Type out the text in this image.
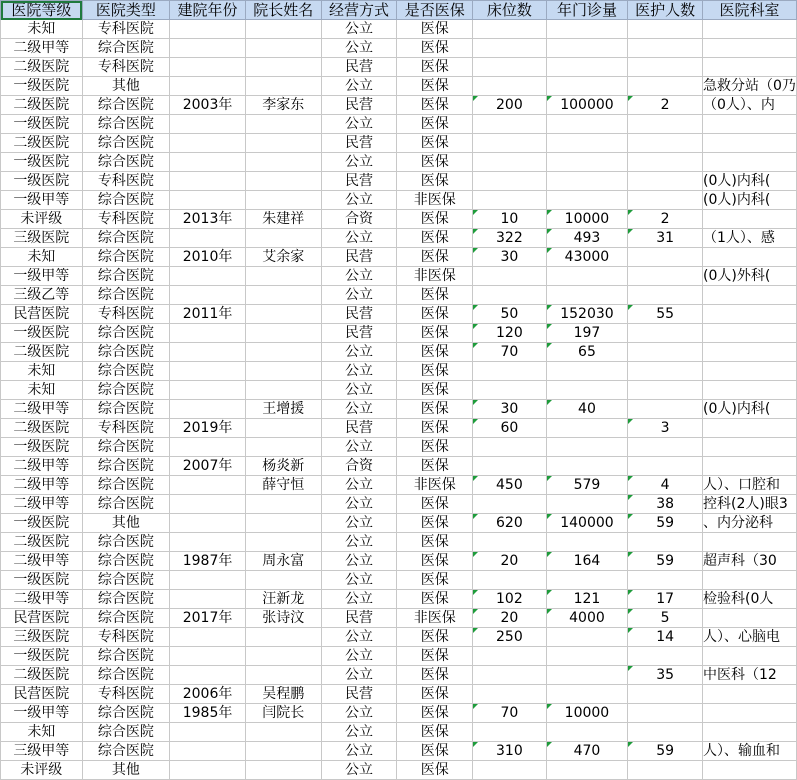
医院等级	医院类型	建院年份	院长姓名	经营方式	是否医保	床位数	年门诊量	医护人数	医院科室
未知	专科医院			公立	医保				
二级甲等	综合医院			公立	医保				
二级医院	专科医院			民营	医保				
一级医院	其他			公立	医保				急救分站（0乃
二级医院	综合医院	2003年	李家东	民营	医保	200	100000	2	（0人）、内
一级医院	综合医院			公立	医保				
二级医院	综合医院			民营	医保				
一级医院	综合医院			公立	医保				
一级医院	专科医院			民营	医保				(0人)内科(
一级甲等	综合医院			公立	非医保				(0人)内科(
未评级	专科医院	2013年	朱建祥	合资	医保	10	10000	2	
三级医院	综合医院			公立	医保	322	493	31	（1人）、感
未知	综合医院	2010年	艾余家	民营	医保	30	43000		
一级甲等	综合医院			公立	非医保				(0人)外科(
三级乙等	综合医院			公立	医保				
民营医院	专科医院	2011年		民营	医保	50	152030	55	
一级医院	综合医院			民营	医保	120	197		
二级医院	综合医院			公立	医保	70	65		
未知	综合医院			公立	医保				
未知	综合医院			公立	医保				
二级甲等	综合医院		王增援	公立	医保	30	40		(0人)内科(
二级医院	专科医院	2019年		民营	医保	60		3	
一级医院	综合医院			公立	医保				
二级甲等	综合医院	2007年	杨炎新	合资	医保				
二级甲等	综合医院		薛守恒	公立	非医保	450	579	4	人）、口腔和
二级甲等	综合医院			公立	医保			38	控科(2人)眼3
一级医院	其他			公立	医保	620	140000	59	、内分泌科
二级医院	综合医院			公立	医保				
二级甲等	综合医院	1987年	周永富	公立	医保	20	164	59	超声科（30
一级医院	综合医院			公立	医保				
二级甲等	综合医院		汪新龙	公立	医保	102	121	17	检验科(0人
民营医院	综合医院	2017年	张诗汶	民营	非医保	20	4000	5	
三级医院	专科医院			公立	医保	250		14	人）、心脑电
一级医院	综合医院			公立	医保				
二级医院	综合医院			公立	医保			35	中医科（12
民营医院	专科医院	2006年	吴程鹏	民营	医保				
一级甲等	综合医院	1985年	闫院长	公立	医保	70	10000		
未知	综合医院			公立	医保				
三级甲等	综合医院			公立	医保	310	470	59	人）、输血和
未评级	其他			公立	医保				
